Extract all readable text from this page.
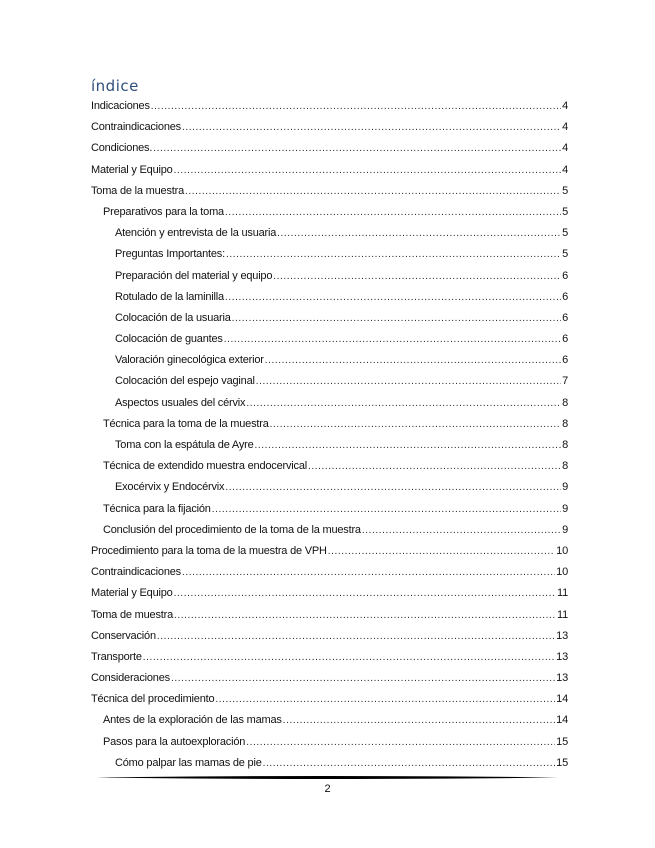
índice
Indicaciones .....	4
Contraindicaciones .....	4
Condiciones. .....	4
Material y Equipo .....	4
Toma de la muestra .....	5
Preparativos para la toma .....	5
Atención y entrevista de la usuaria .....	5
Preguntas Importantes: .....	5
Preparación del material y equipo .....	6
Rotulado de la laminilla .....	6
Colocación de la usuaria .....	6
Colocación de guantes .....	6
Valoración ginecológica exterior .....	6
Colocación del espejo vaginal .....	7
Aspectos usuales del cérvix .....	8
Técnica para la toma de la muestra .....	8
Toma con la espátula de Ayre .....	8
Técnica de extendido muestra endocervical .....	8
Exocérvix y Endocérvix .....	9
Técnica para la fijación .....	9
Conclusión del procedimiento de la toma de la muestra .....	9
Procedimiento para la toma de la muestra de VPH .....	10
Contraindicaciones .....	10
Material y Equipo .....	11
Toma de muestra .....	11
Conservación .....	13
Transporte .....	13
Consideraciones .....	13
Técnica del procedimiento .....	14
Antes de la exploración de las mamas .....	14
Pasos para la autoexploración .....	15
Cómo palpar las mamas de pie .....	15
2
